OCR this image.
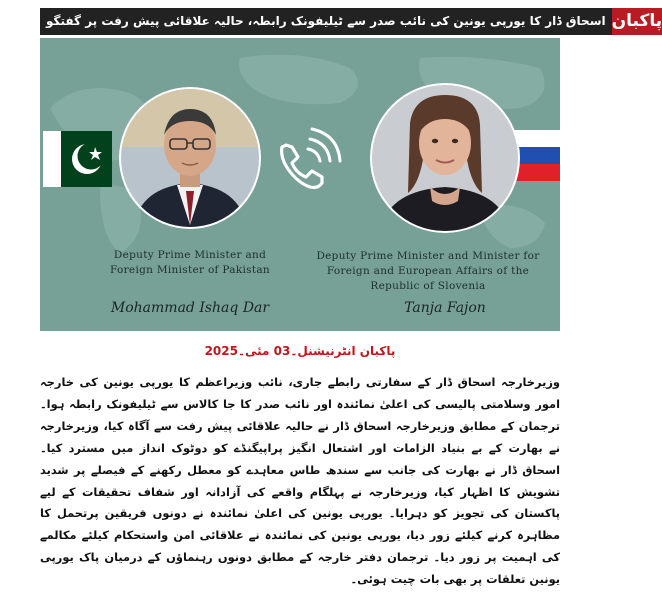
اسحاق ڈار کا یورپی یونین کی نائب صدر سے ٹیلیفونک رابطہ، حالیہ علاقائی پیش رفت پر گفتگو پاکبان
Deputy Prime Minister and
Foreign Minister of Pakistan
Deputy Prime Minister and Minister for
Foreign and European Affairs of the
Republic of Slovenia
Mohammad Ishaq Dar	Tanja Fajon
پاکبان انٹرنیشنل۔03 مئی۔2025

وزیرخارجہ اسحاق ڈار کے سفارتی رابطے جاری، نائب وزیراعظم کا یورپی یونین کی خارجہ امور وسلامتی پالیسی کی اعلیٰ نمائندہ اور نائب صدر کا جا کالاس سے ٹیلیفونک رابطہ ہوا۔ ترجمان کے مطابق وزیرخارجہ اسحاق ڈار نے حالیہ علاقائی پیش رفت سے آگاہ کیا، وزیرخارجہ نے بھارت کے بے بنیاد الزامات اور اشتعال انگیز پراپیگنڈے کو دوٹوک انداز میں مسترد کیا۔ اسحاق ڈار نے بھارت کی جانب سے سندھ طاس معاہدے کو معطل رکھنے کے فیصلے پر شدید تشویش کا اظہار کیا، وزیرخارجہ نے پہلگام واقعے کی آزادانہ اور شفاف تحقیقات کے لیے پاکستان کی تجویز کو دہرایا۔ یورپی یونین کی اعلیٰ نمائندہ نے دونوں فریقین پرتحمل کا مظاہرہ کرنے کیلئے زور دیا، یورپی یونین کی نمائندہ نے علاقائی امن واستحکام کیلئے مکالمے کی اہمیت پر زور دیا۔ ترجمان دفتر خارجہ کے مطابق دونوں رہنماؤں کے درمیان پاک یورپی یونین تعلقات پر بھی بات چیت ہوئی۔
